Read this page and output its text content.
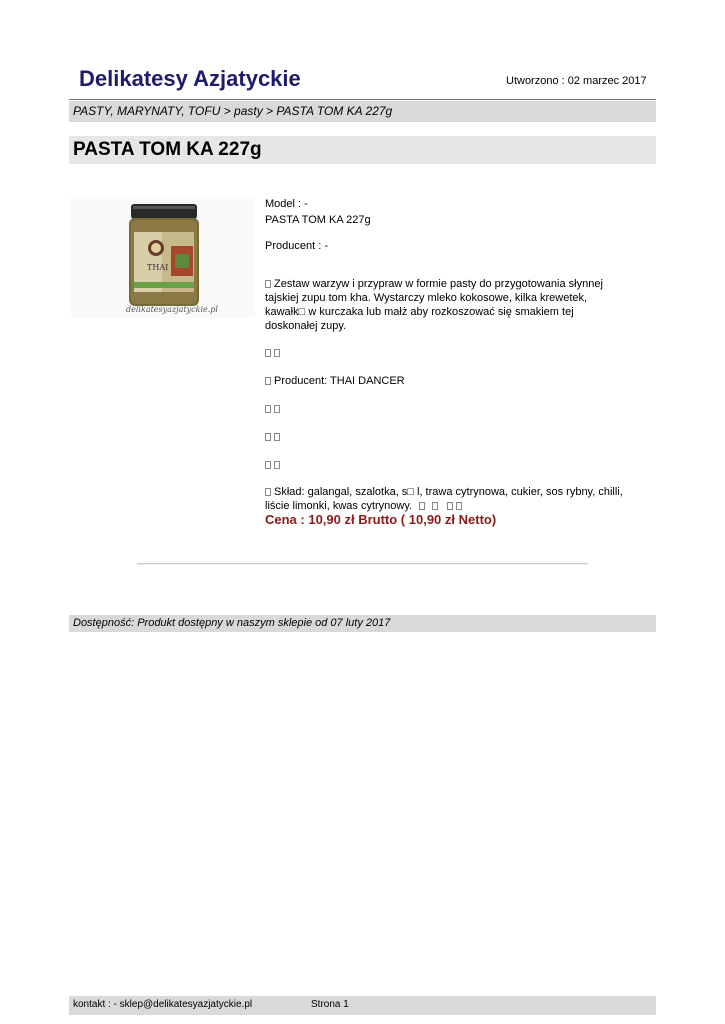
Delikatesy Azjatyckie	Utworzono : 02 marzec 2017
PASTY, MARYNATY, TOFU > pasty > PASTA TOM KA 227g
PASTA TOM KA 227g
THAI
delikatesyazjatyckie.pl
Model : -
PASTA TOM KA 227g
Producent : -
Zestaw warzyw i przypraw w formie pasty do przygotowania słynnej
tajskiej zupu tom kha. Wystarczy mleko kokosowe, kilka krewetek,
kawałk□ w kurczaka lub małż aby rozkoszować się smakiem tej
doskonałej zupy.
Producent: THAI DANCER
Skład: galangal, szalotka, s□ l, trawa cytrynowa, cukier, sos rybny, chilli,
liście limonki, kwas cytrynowy.
Cena : 10,90 zł Brutto ( 10,90 zł Netto)
Dostępność: Produkt dostępny w naszym sklepie od 07 luty 2017
kontakt : - sklep@delikatesyazjatyckie.pl	Strona 1
